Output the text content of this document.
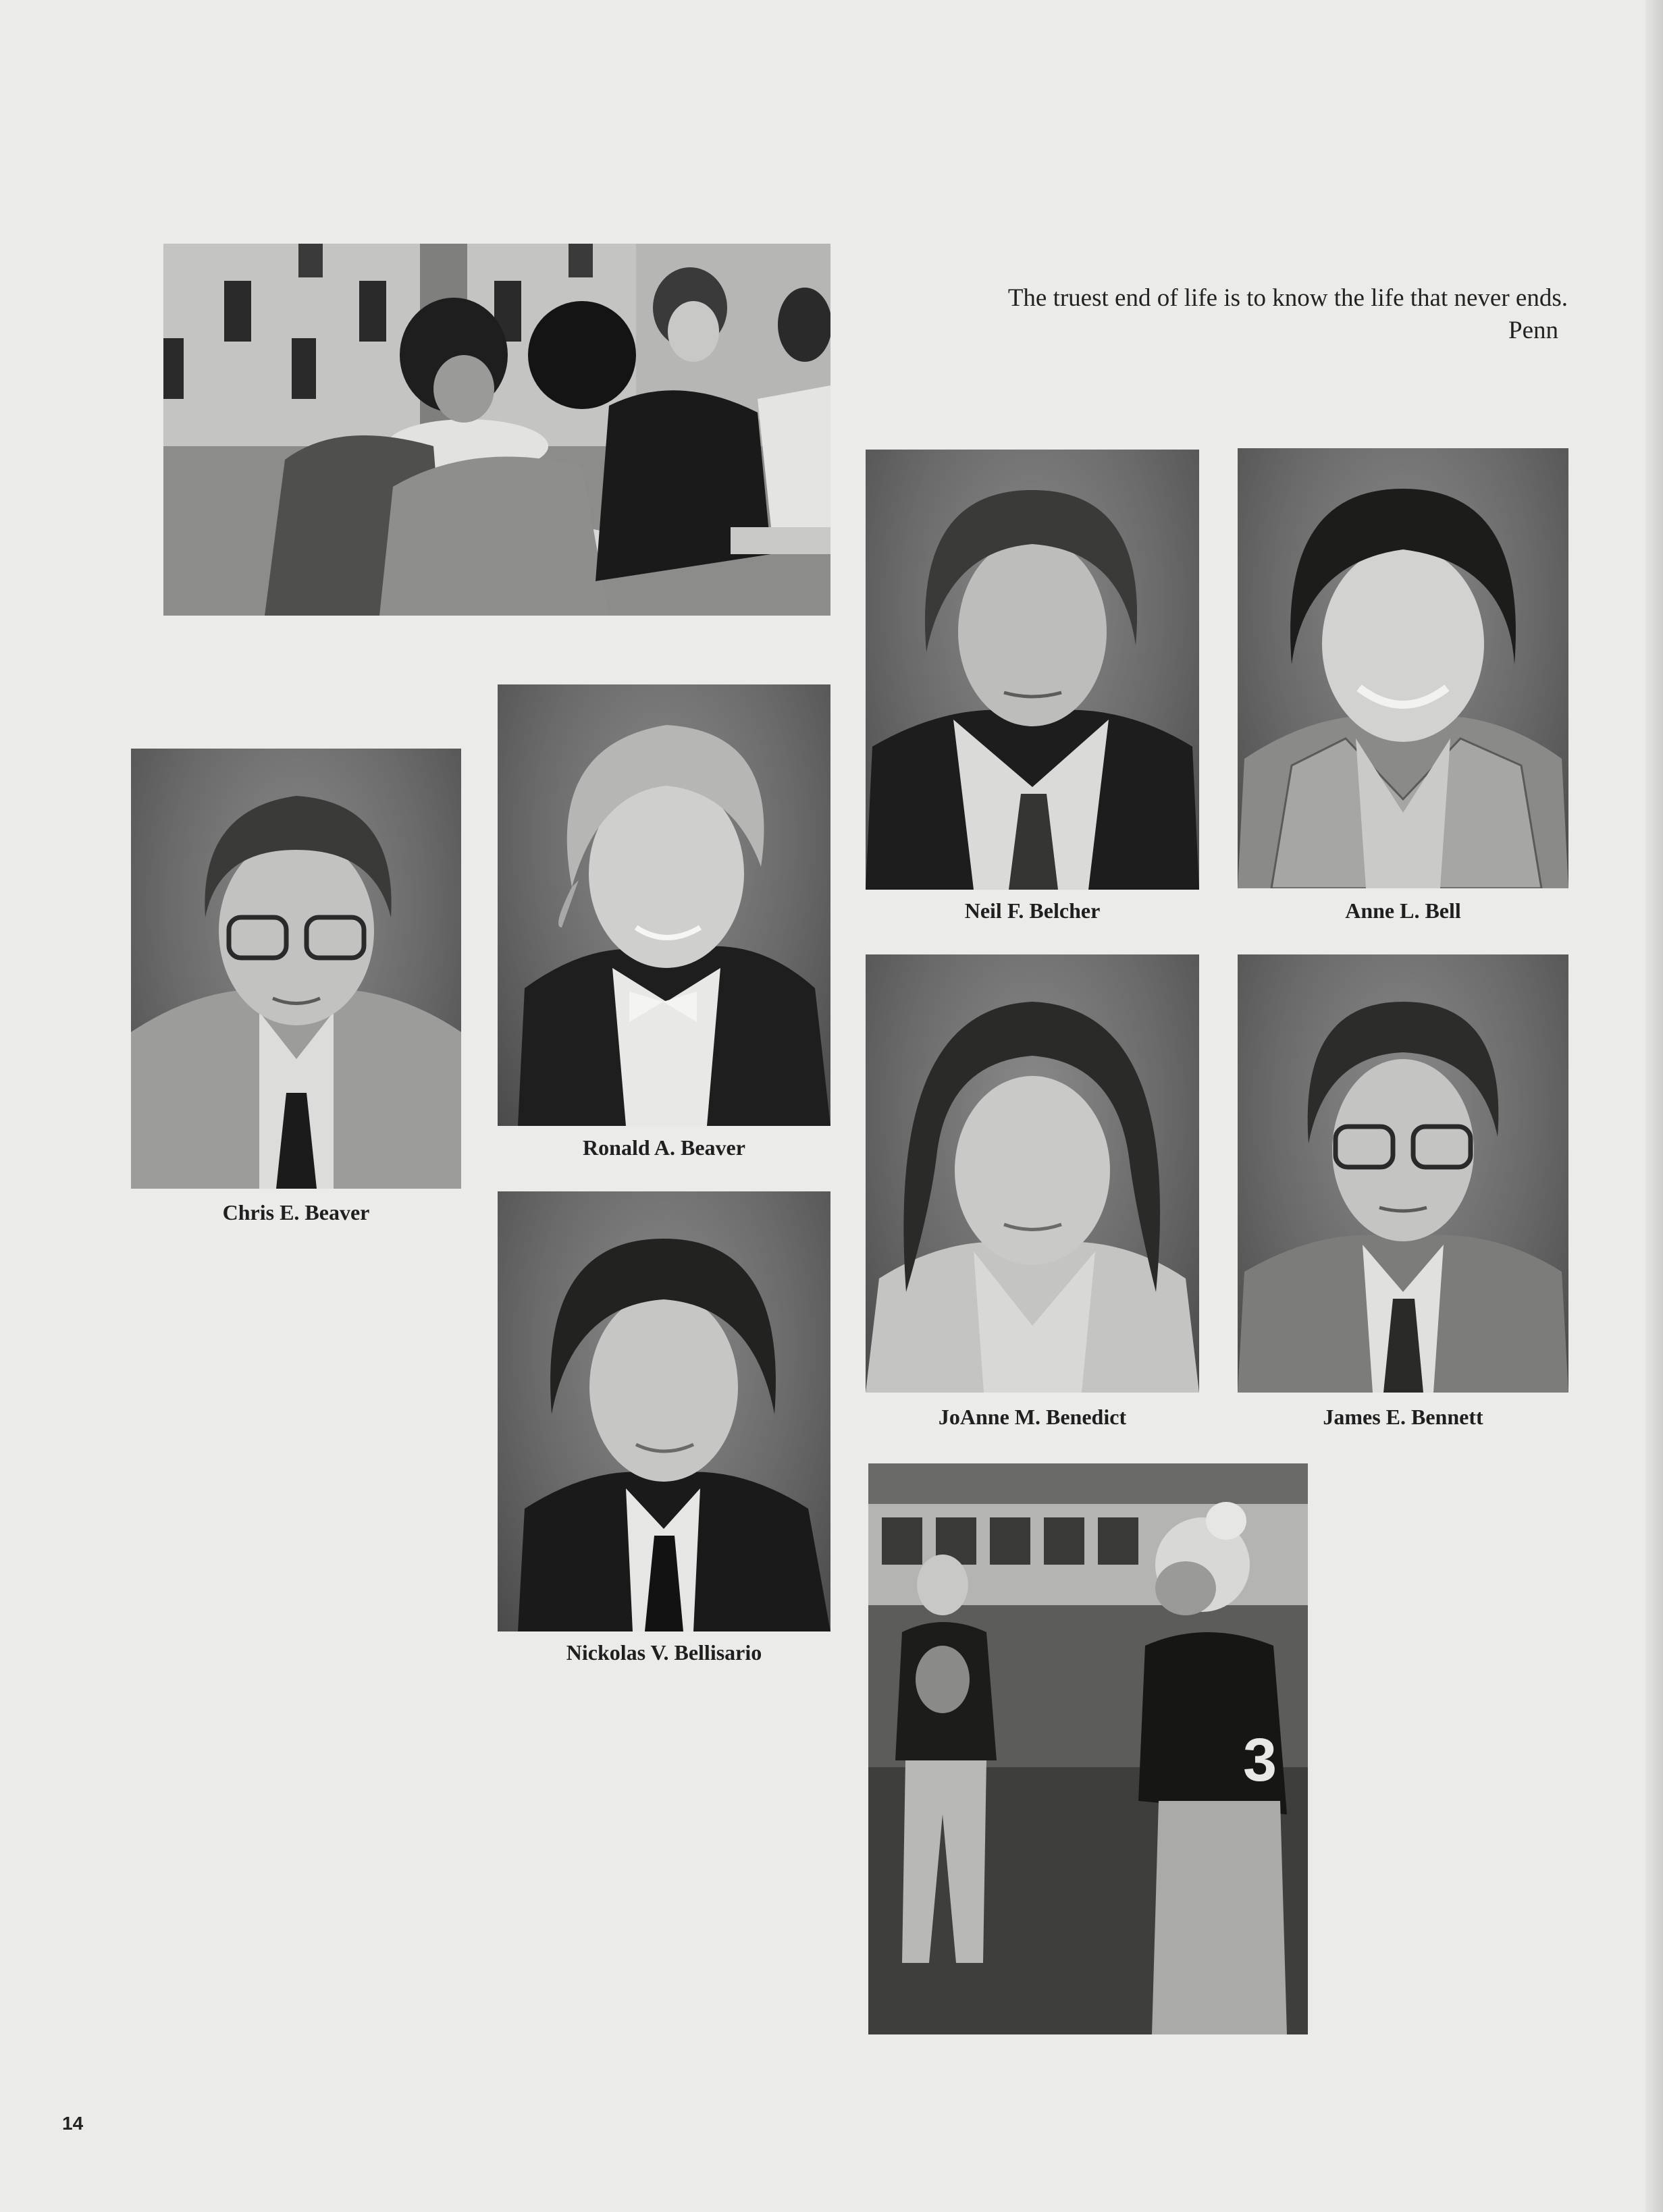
The truest end of life is to know the life that never ends.
Penn
Chris E. Beaver
Ronald A. Beaver
Nickolas V. Bellisario
Neil F. Belcher	Anne L. Bell
JoAnne M. Benedict	James E. Bennett
3
14
